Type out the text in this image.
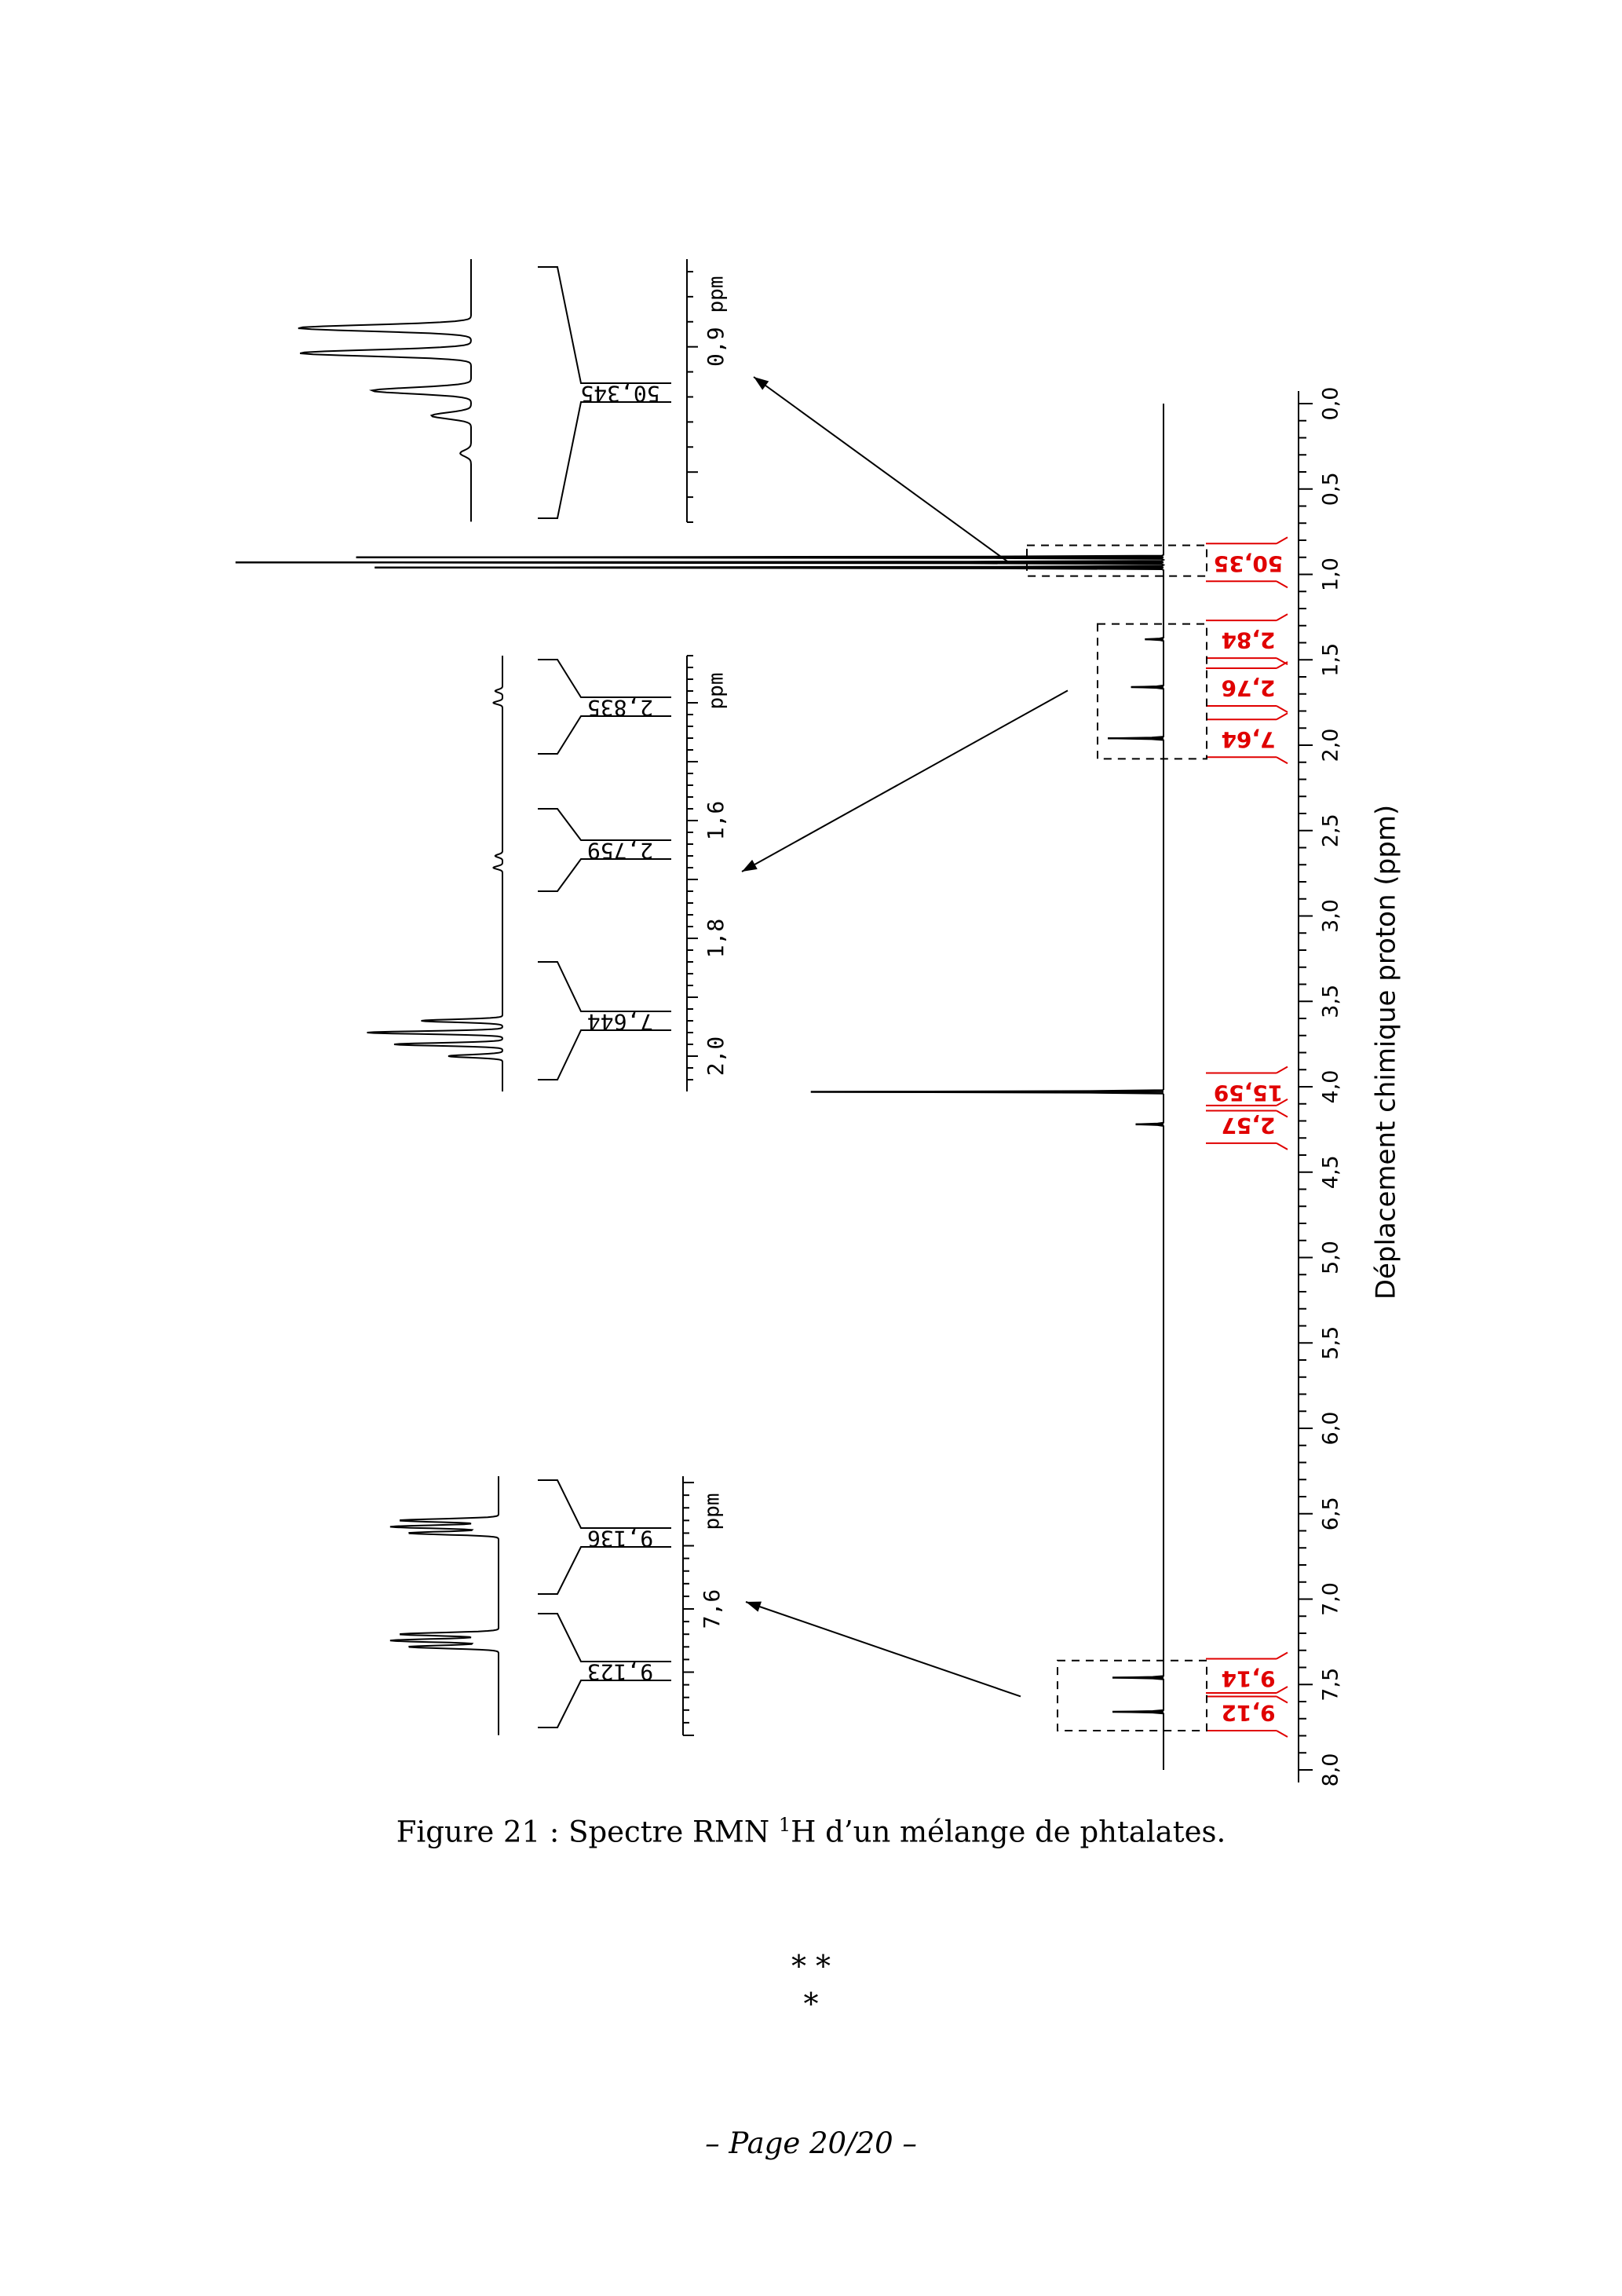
0,0
0,5
1,0
1,5
2,0
2,5
3,0
3,5
4,0
4,5
5,0
5,5
6,0
6,5
7,0
7,5
8,0
Déplacement chimique proton (ppm)
50,35
2,84
2,76
7,64
15,59
2,57
9,14
9,12
0,9
ppm
50,345
1,6
1,8
2,0
ppm
2,835
2,759
7,644
7,6
ppm
9,136
9,123
Figure 21 : Spectre RMN $^1$H d’un mélange de phtalates.
* *
*
– Page 20/20 –
